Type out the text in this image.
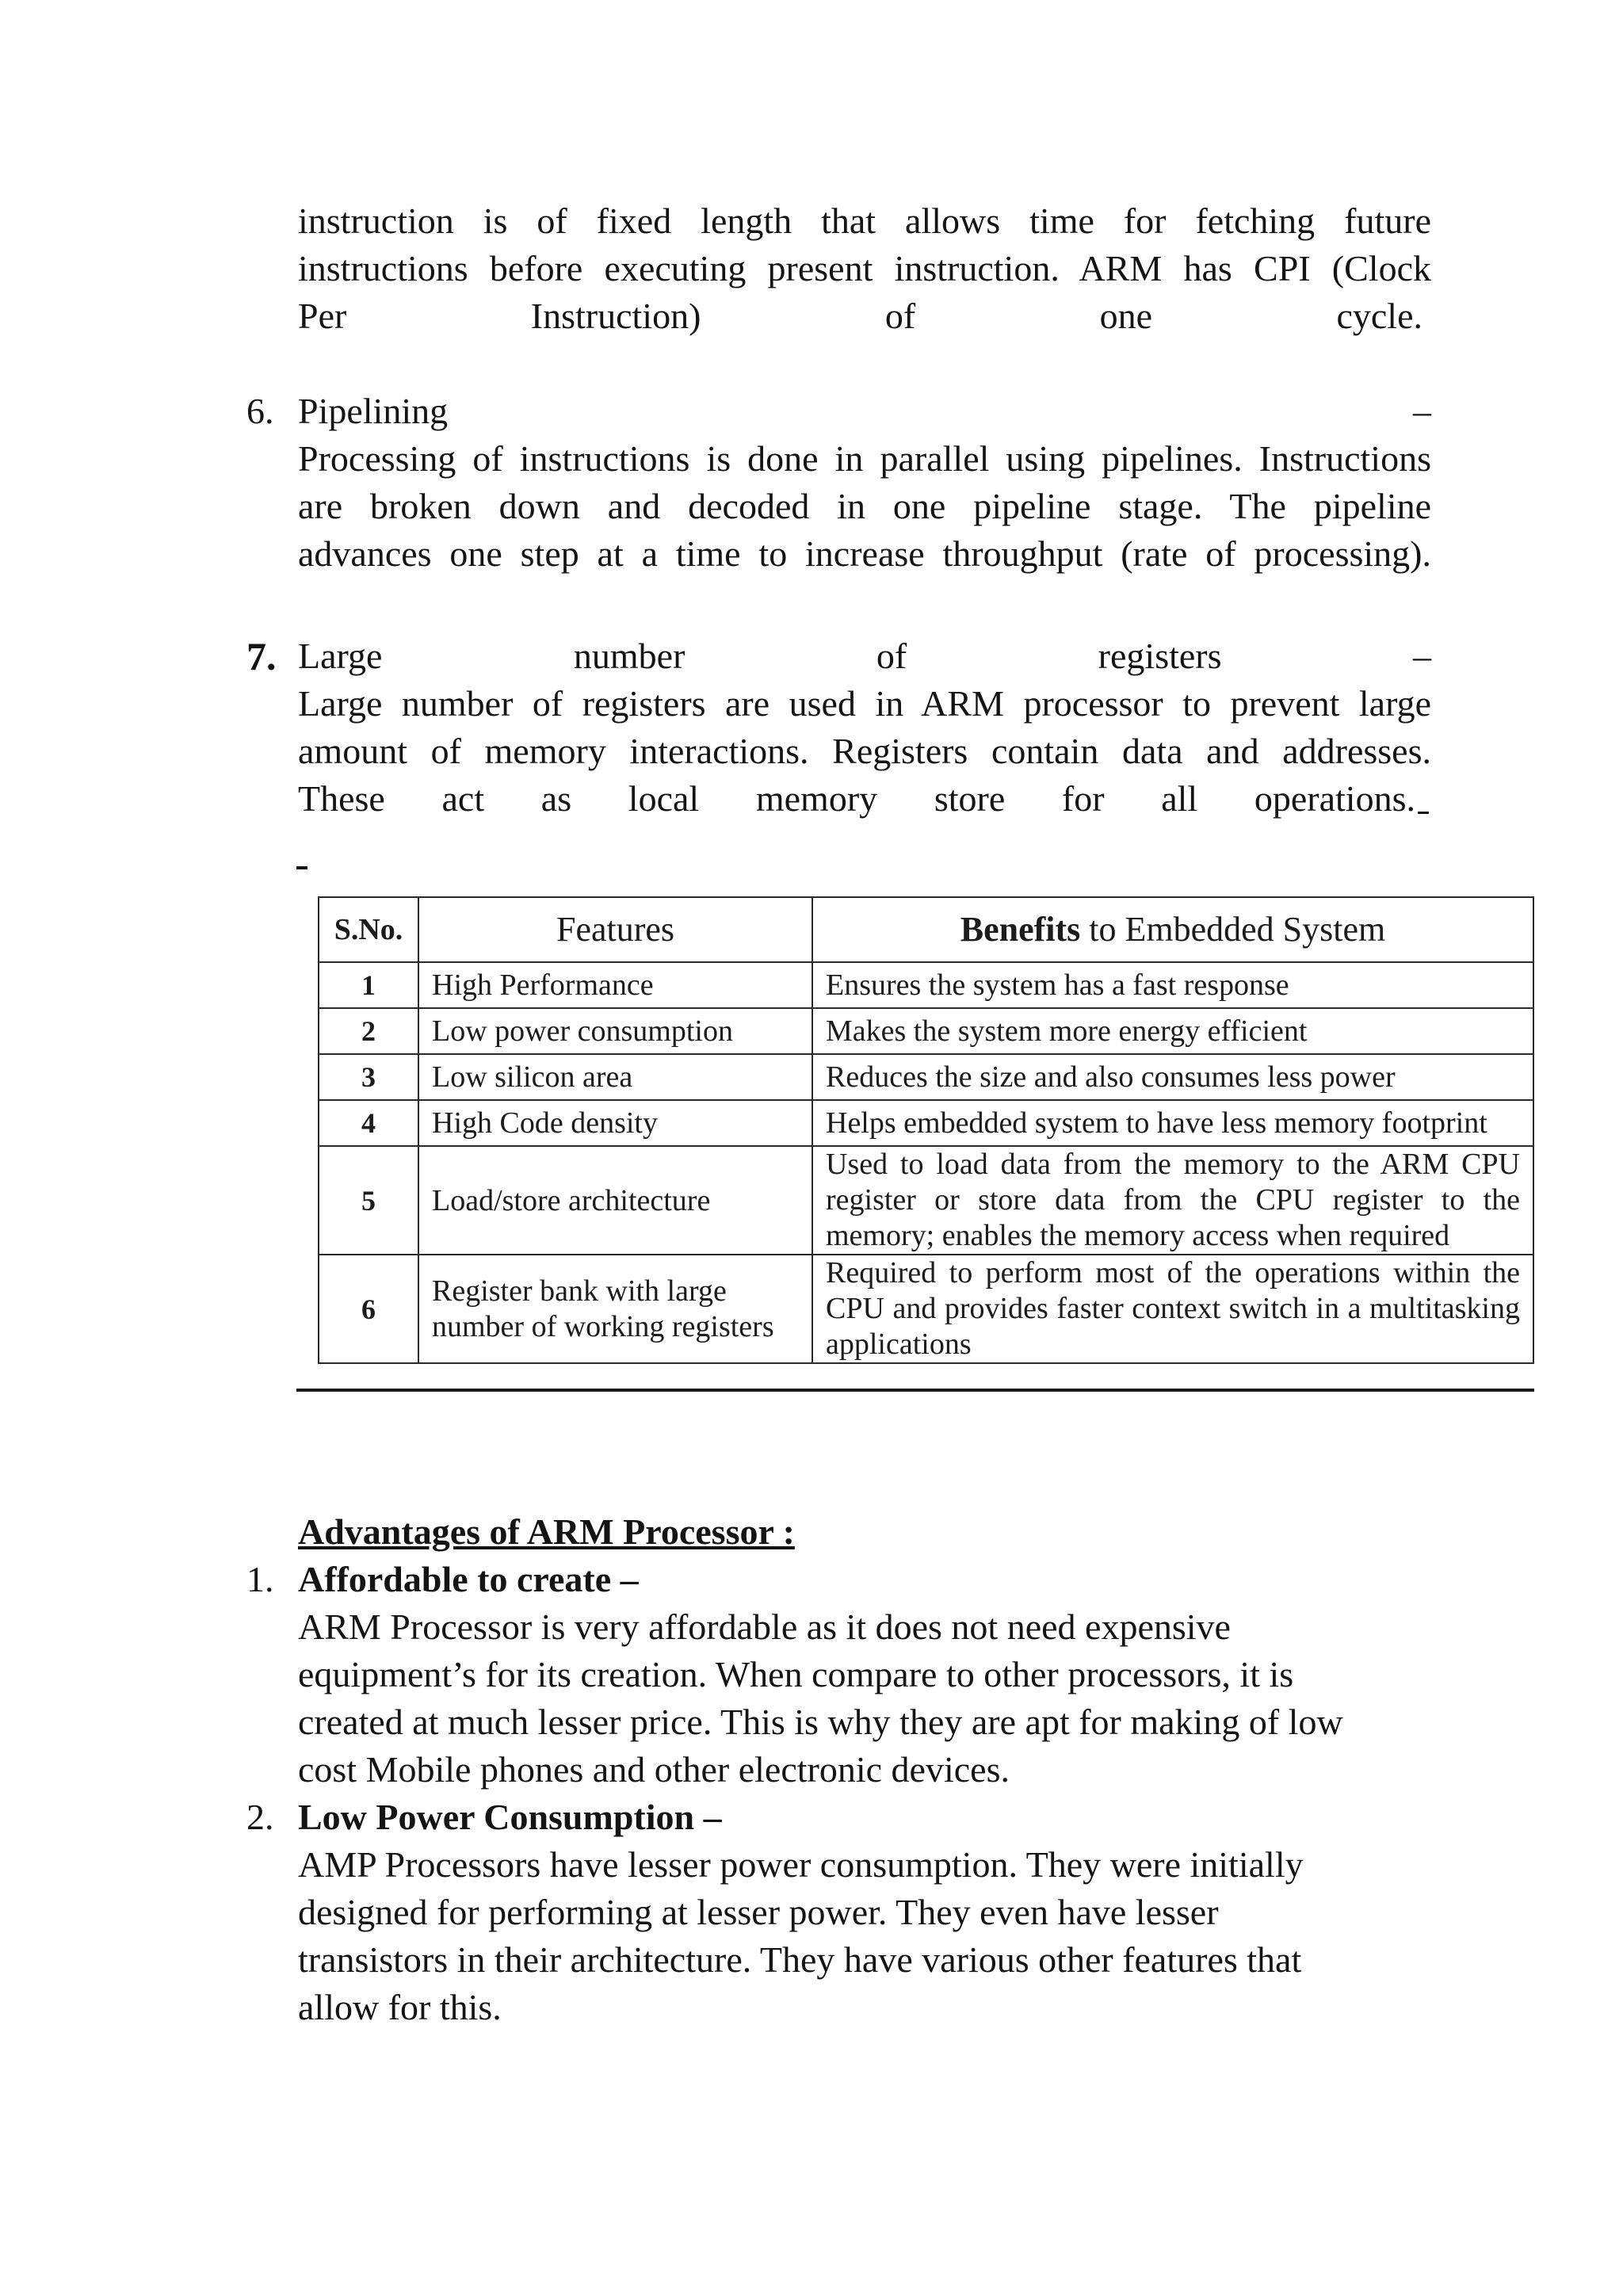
instruction is of fixed length that allows time for fetching future
instructions before executing present instruction. ARM has CPI (Clock
Per Instruction) of one cycle.
6. Pipelining	–
Processing of instructions is done in parallel using pipelines. Instructions
are broken down and decoded in one pipeline stage. The pipeline
advances one step at a time to increase throughput (rate of processing).
7. Large number of registers	–
Large number of registers are used in ARM processor to prevent large
amount of memory interactions. Registers contain data and addresses.
These act as local memory store for all operations.
S.No.	Features	Benefits to Embedded System
1	High Performance	Ensures the system has a fast response
2	Low power consumption	Makes the system more energy efficient
3	Low silicon area	Reduces the size and also consumes less power
4	High Code density	Helps embedded system to have less memory footprint
5	Load/store architecture	Used to load data from the memory to the ARM CPU register or store data from the CPU register to the memory; enables the memory access when required
6	Register bank with large number of working registers	Required to perform most of the operations within the CPU and provides faster context switch in a multitasking applications
Advantages of ARM Processor :
1. Affordable to create –
ARM Processor is very affordable as it does not need expensive
equipment’s for its creation. When compare to other processors, it is
created at much lesser price. This is why they are apt for making of low
cost Mobile phones and other electronic devices.
2. Low Power Consumption –
AMP Processors have lesser power consumption. They were initially
designed for performing at lesser power. They even have lesser
transistors in their architecture. They have various other features that
allow for this.
